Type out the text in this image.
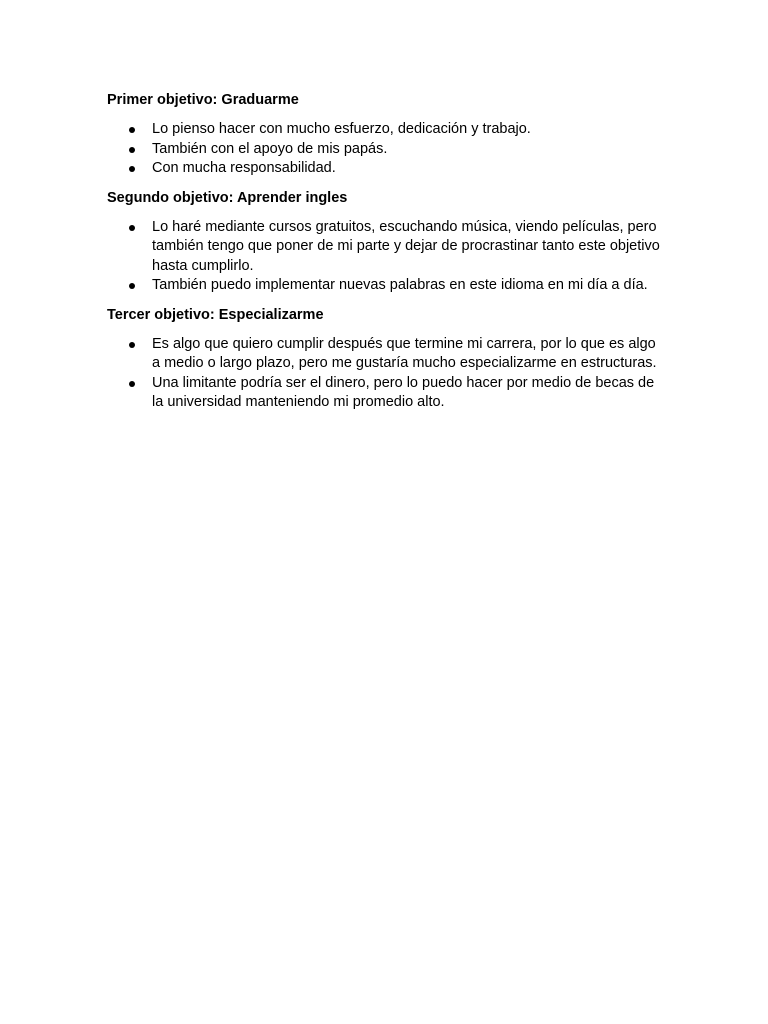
Primer objetivo: Graduarme
Lo pienso hacer con mucho esfuerzo, dedicación y trabajo.
También con el apoyo de mis papás.
Con mucha responsabilidad.
Segundo objetivo: Aprender ingles
Lo haré mediante cursos gratuitos, escuchando música, viendo películas, pero también tengo que poner de mi parte y dejar de procrastinar tanto este objetivo hasta cumplirlo.
También puedo implementar nuevas palabras en este idioma en mi día a día.
Tercer objetivo: Especializarme
Es algo que quiero cumplir después que termine mi carrera, por lo que es algo a medio o largo plazo, pero me gustaría mucho especializarme en estructuras.
Una limitante podría ser el dinero, pero lo puedo hacer por medio de becas de la universidad manteniendo mi promedio alto.
